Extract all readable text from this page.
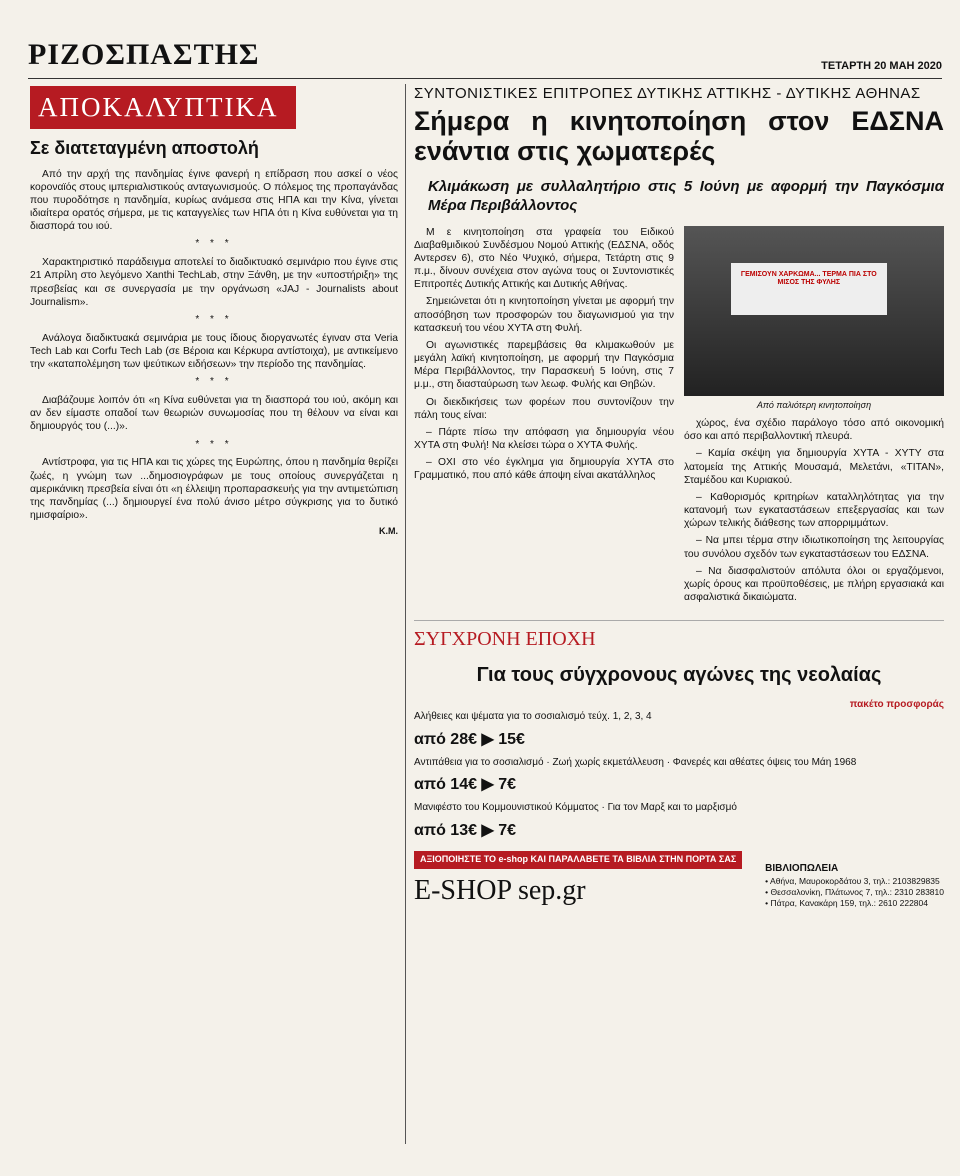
ΡΙΖΟΣΠΑΣΤΗΣ	ΤΕΤΑΡΤΗ 20 ΜΑΗ 2020
ΑΠΟΚΑΛΥΠΤΙΚΑ
Σε διατεταγμένη αποστολή

Από την αρχή της πανδημίας έγινε φανερή η επίδραση που ασκεί ο νέος κοροναϊός στους ιμπεριαλιστικούς ανταγωνισμούς. Ο πόλεμος της προπαγάνδας που πυροδότησε η πανδημία, κυρίως ανάμεσα στις ΗΠΑ και την Κίνα, γίνεται ιδιαίτερα ορατός σήμερα, με τις καταγγελίες των ΗΠΑ ότι η Κίνα ευθύνεται για τη διασπορά του ιού.

* * *

Χαρακτηριστικό παράδειγμα αποτελεί το διαδικτυακό σεμινάριο που έγινε στις 21 Απρίλη στο λεγόμενο Xanthi TechLab, στην Ξάνθη, με την «υποστήριξη» της πρεσβείας και σε συνεργασία με την οργάνωση «JAJ - Journalists about Journalism».

* * *

Ανάλογα διαδικτυακά σεμινάρια με τους ίδιους διοργανωτές έγιναν στα Veria Tech Lab και Corfu Tech Lab (σε Βέροια και Κέρκυρα αντίστοιχα), με αντικείμενο την «καταπολέμηση των ψεύτικων ειδήσεων» την περίοδο της πανδημίας.

* * *

Διαβάζουμε λοιπόν ότι «η Κίνα ευθύνεται για τη διασπορά του ιού, ακόμη και αν δεν είμαστε οπαδοί των θεωριών συνωμοσίας που τη θέλουν να είναι και δημιουργός του (...)».

* * *

Αντίστροφα, για τις ΗΠΑ και τις χώρες της Ευρώπης, όπου η πανδημία θερίζει ζωές, η γνώμη των ...δημοσιογράφων με τους οποίους συνεργάζεται η αμερικάνικη πρεσβεία είναι ότι «η έλλειψη προπαρασκευής για την αντιμετώπιση της πανδημίας (...) δημιουργεί ένα πολύ άνισο μέτρο σύγκρισης για το δυτικό ημισφαίριο».

Κ.Μ.
ΣΥΝΤΟΝΙΣΤΙΚΕΣ ΕΠΙΤΡΟΠΕΣ ΔΥΤΙΚΗΣ ΑΤΤΙΚΗΣ - ΔΥΤΙΚΗΣ ΑΘΗΝΑΣ
Σήμερα η κινητοποίηση στον ΕΔΣΝΑ ενάντια στις χωματερές
Κλιμάκωση με συλλαλητήριο στις 5 Ιούνη με αφορμή την Παγκόσμια Μέρα Περιβάλλοντος

Μ ε κινητοποίηση στα γραφεία του Ειδικού Διαβαθμιδικού Συνδέσμου Νομού Αττικής (ΕΔΣΝΑ, οδός Αντερσεν 6), στο Νέο Ψυχικό, σήμερα, Τετάρτη στις 9 π.μ., δίνουν συνέχεια στον αγώνα τους οι Συντονιστικές Επιτροπές Δυτικής Αττικής και Δυτικής Αθήνας.

Σημειώνεται ότι η κινητοποίηση γίνεται με αφορμή την αποσόβηση των προσφορών του διαγωνισμού για την κατασκευή του νέου ΧΥΤΑ στη Φυλή.

Οι αγωνιστικές παρεμβάσεις θα κλιμακωθούν με μεγάλη λαϊκή κινητοποίηση, με αφορμή την Παγκόσμια Μέρα Περιβάλλοντος, την Παρασκευή 5 Ιούνη, στις 7 μ.μ., στη διασταύρωση των λεωφ. Φυλής και Θηβών.

Οι διεκδικήσεις των φορέων που συντονίζουν την πάλη τους είναι:

– Πάρτε πίσω την απόφαση για δημιουργία νέου ΧΥΤΑ στη Φυλή! Να κλείσει τώρα ο ΧΥΤΑ Φυλής.

– ΟΧΙ στο νέο έγκλημα για δημιουργία ΧΥΤΑ στο Γραμματικό, που από κάθε άποψη είναι ακατάλληλος

ΓΕΜΙΣΟΥΝ ΧΑΡΚΩΜΑ... ΤΕΡΜΑ ΠΙΑ ΣΤΟ ΜΙΣΟΣ ΤΗΣ ΦΥΛΗΣ
Από παλιότερη κινητοποίηση

χώρος, ένα σχέδιο παράλογο τόσο από οικονομική όσο και από περιβαλλοντική πλευρά.

– Καμία σκέψη για δημιουργία ΧΥΤΑ - ΧΥΤΥ στα λατομεία της Αττικής Μουσαμά, Μελετάνι, «ΤΙΤΑΝ», Σταμέδου και Κυριακού.

– Καθορισμός κριτηρίων καταλληλότητας για την κατανομή των εγκαταστάσεων επεξεργασίας και των χώρων τελικής διάθεσης των απορριμμάτων.

– Να μπει τέρμα στην ιδιωτικοποίηση της λειτουργίας του συνόλου σχεδόν των εγκαταστάσεων του ΕΔΣΝΑ.

– Να διασφαλιστούν απόλυτα όλοι οι εργαζόμενοι, χωρίς όρους και προϋποθέσεις, με πλήρη εργασιακά και ασφαλιστικά δικαιώματα.

ΣΥΓΧΡΟΝΗ ΕΠΟΧΗ
Για τους σύγχρονους αγώνες της νεολαίας
πακέτο προσφοράς
Αλήθειες και ψέματα για το σοσιαλισμό τεύχ. 1, 2, 3, 4
από 28€ ▶ 15€
Αντιπάθεια για το σοσιαλισμό · Ζωή χωρίς εκμετάλλευση · Φανερές και αθέατες όψεις του Μάη 1968
από 14€ ▶ 7€
Μανιφέστο του Κομμουνιστικού Κόμματος · Για τον Μαρξ και το μαρξισμό
από 13€ ▶ 7€
ΑΞΙΟΠΟΙΗΣΤΕ ΤΟ e-shop ΚΑΙ ΠΑΡΑΛΑΒΕΤΕ ΤΑ ΒΙΒΛΙΑ ΣΤΗΝ ΠΟΡΤΑ ΣΑΣ
E-SHOP sep.gr
ΒΙΒΛΙΟΠΩΛΕΙΑ
• Αθήνα, Μαυροκορδάτου 3, τηλ.: 2103829835
• Θεσσαλονίκη, Πλάτωνος 7, τηλ.: 2310 283810
• Πάτρα, Κανακάρη 159, τηλ.: 2610 222804
